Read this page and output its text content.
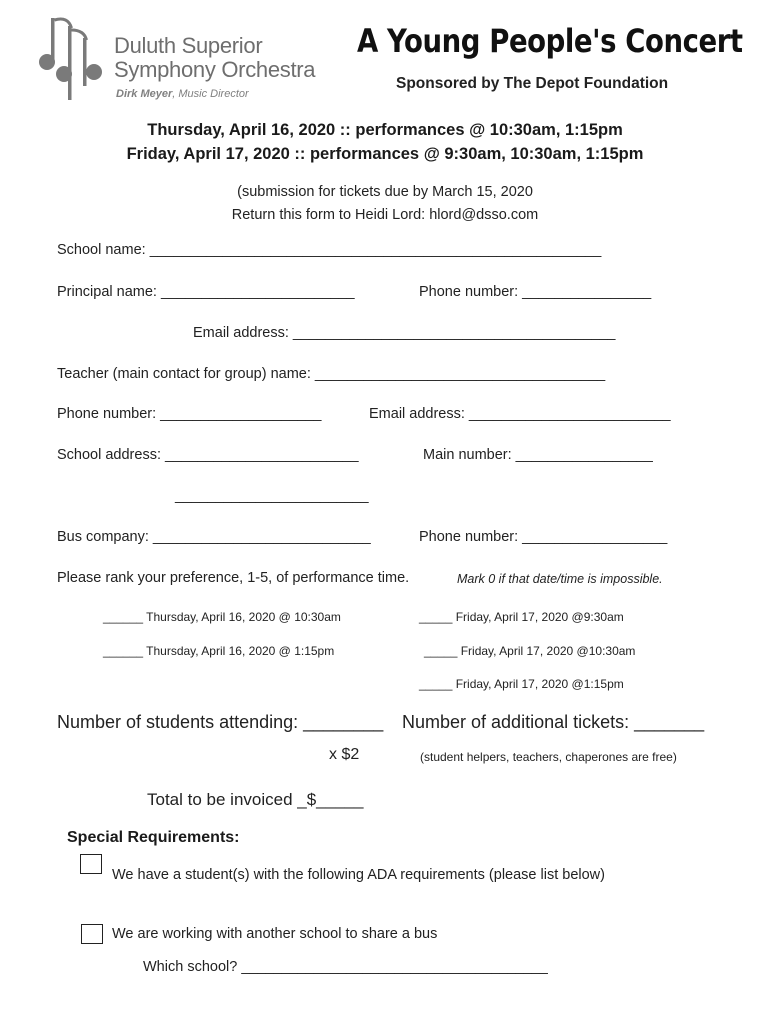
Duluth Superior
Symphony Orchestra
Dirk Meyer, Music Director
A Young People's Concert
Sponsored by The Depot Foundation
Thursday, April 16, 2020 :: performances @ 10:30am, 1:15pm
Friday, April 17, 2020 :: performances @ 9:30am, 10:30am, 1:15pm
(submission for tickets due by March 15, 2020
Return this form to Heidi Lord: hlord@dsso.com
School name: ________________________________________________________
Principal name: ________________________	Phone number: ________________
Email address: ________________________________________
Teacher (main contact for group) name: ____________________________________
Phone number: ____________________	Email address: _________________________
School address: ________________________	Main number: _________________
________________________
Bus company: ___________________________	Phone number: __________________
Please rank your preference, 1-5, of performance time.	Mark 0 if that date/time is impossible.
______ Thursday, April 16, 2020 @ 10:30am
______ Thursday, April 16, 2020 @ 1:15pm
_____ Friday, April 17, 2020 @9:30am
_____ Friday, April 17, 2020 @10:30am
_____ Friday, April 17, 2020 @1:15pm
Number of students attending: ________ Number of additional tickets: _______
x $2	(student helpers, teachers, chaperones are free)
Total to be invoiced _$_____
Special Requirements:
We have a student(s) with the following ADA requirements (please list below)
We are working with another school to share a bus
Which school? ______________________________________
